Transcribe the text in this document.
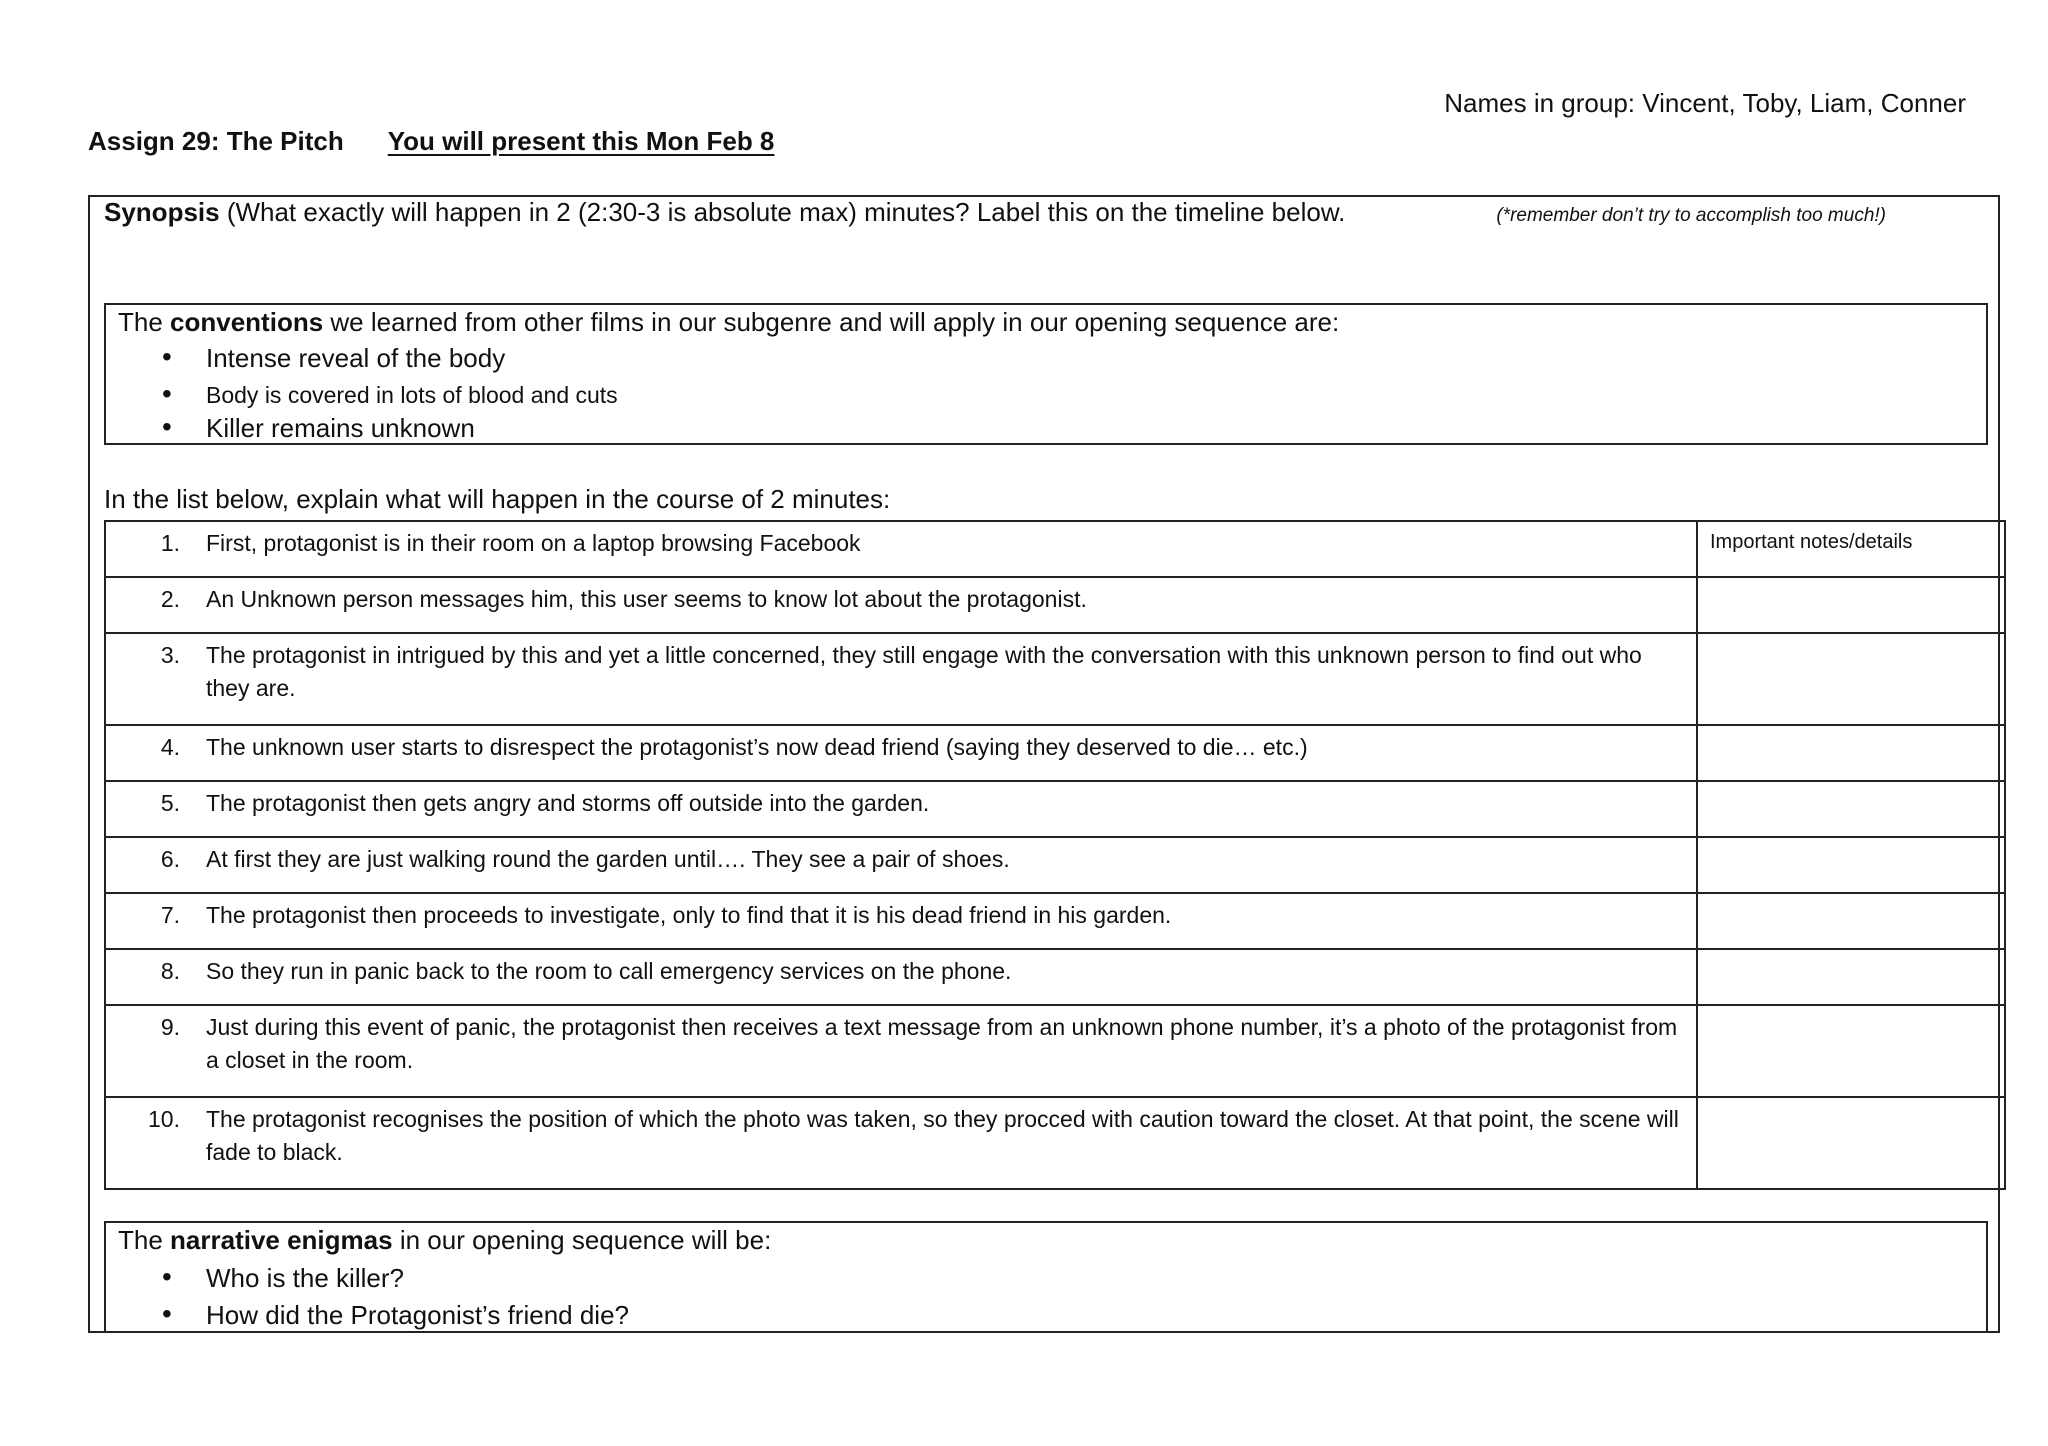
Names in group: Vincent, Toby, Liam, Conner
Assign 29: The Pitch You will present this Mon Feb 8
Synopsis (What exactly will happen in 2 (2:30-3 is absolute max) minutes? Label this on the timeline below.	(*remember don’t try to accomplish too much!)
The conventions we learned from other films in our subgenre and will apply in our opening sequence are:
• Intense reveal of the body
• Body is covered in lots of blood and cuts
• Killer remains unknown
In the list below, explain what will happen in the course of 2 minutes:
1. First, protagonist is in their room on a laptop browsing Facebook	Important notes/details

2. An Unknown person messages him, this user seems to know lot about the protagonist.	

3. The protagonist in intrigued by this and yet a little concerned, they still engage with the conversation with this unknown person to find out who they are.	

4. The unknown user starts to disrespect the protagonist’s now dead friend (saying they deserved to die… etc.)	

5. The protagonist then gets angry and storms off outside into the garden.	

6. At first they are just walking round the garden until…. They see a pair of shoes.	

7. The protagonist then proceeds to investigate, only to find that it is his dead friend in his garden.	

8. So they run in panic back to the room to call emergency services on the phone.	

9. Just during this event of panic, the protagonist then receives a text message from an unknown phone number, it’s a photo of the protagonist from a closet in the room.	

10. The protagonist recognises the position of which the photo was taken, so they procced with caution toward the closet. At that point, the scene will fade to black.	

The narrative enigmas in our opening sequence will be:
• Who is the killer?
• How did the Protagonist’s friend die?
